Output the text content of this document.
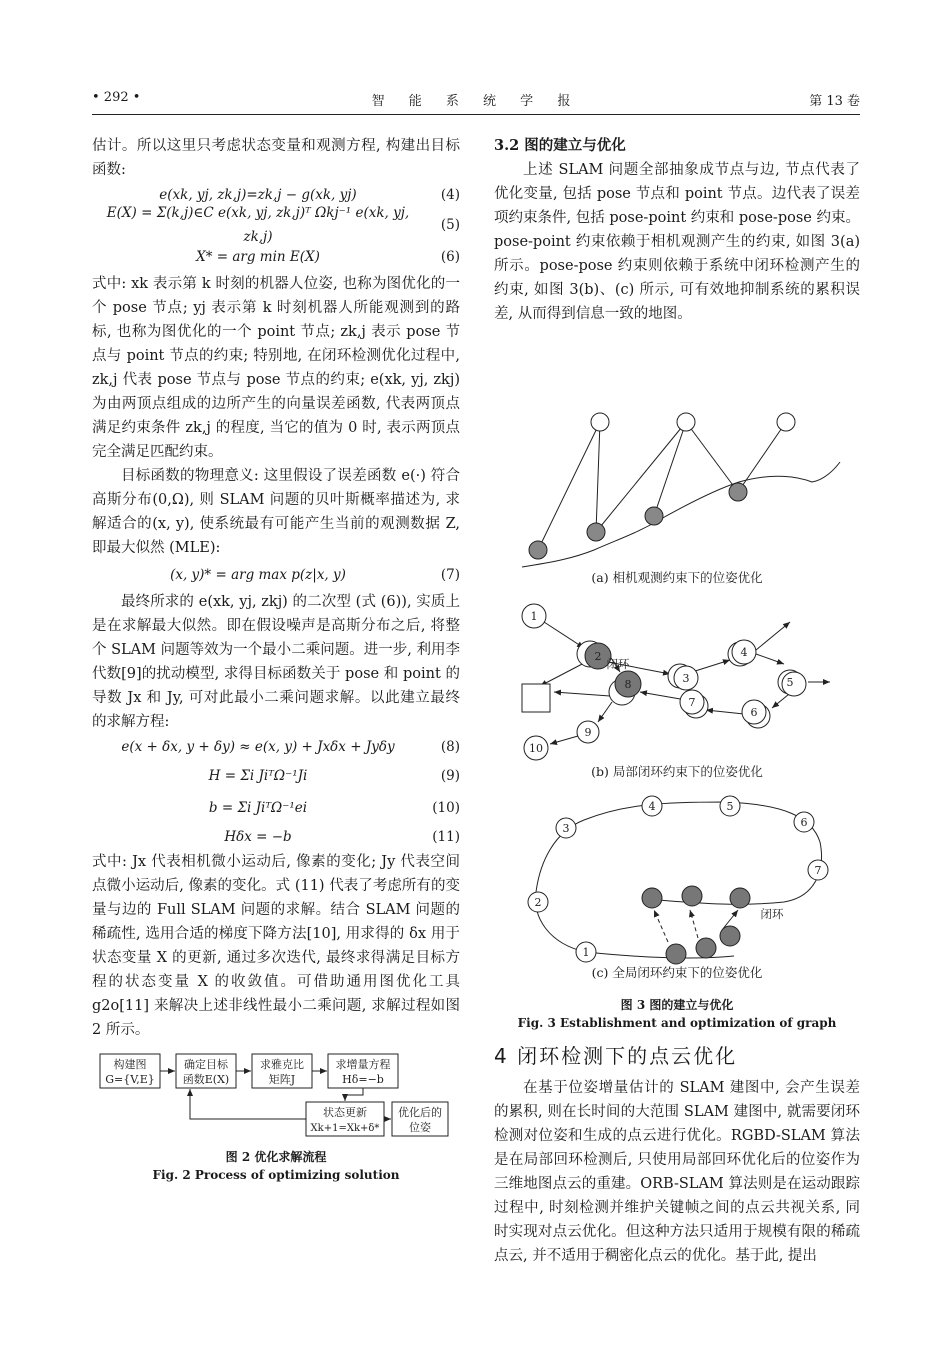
• 292 •	智 能 系 统 学 报	第 13 卷

估计。所以这里只考虑状态变量和观测方程, 构建出目标函数:

e(xk, yj, zk,j)=zk,j − g(xk, yj)	(4)
E(X) = Σ(k,j)∈C e(xk, yj, zk,j)ᵀ Ωkj⁻¹ e(xk, yj, zk,j)
(5)
X* = arg min E(X)	(6)

式中: xk 表示第 k 时刻的机器人位姿, 也称为图优化的一个 pose 节点; yj 表示第 k 时刻机器人所能观测到的路标, 也称为图优化的一个 point 节点; zk,j 表示 pose 节点与 point 节点的约束; 特别地, 在闭环检测优化过程中, zk,j 代表 pose 节点与 pose 节点的约束; e(xk, yj, zkj) 为由两顶点组成的边所产生的向量误差函数, 代表两顶点满足约束条件 zk,j 的程度, 当它的值为 0 时, 表示两顶点完全满足匹配约束。

目标函数的物理意义: 这里假设了误差函数 e(·) 符合高斯分布(0,Ω), 则 SLAM 问题的贝叶斯概率描述为, 求解适合的(x, y), 使系统最有可能产生当前的观测数据 Z, 即最大似然 (MLE):

(x, y)* = arg max p(z|x, y)	(7)

最终所求的 e(xk, yj, zkj) 的二次型 (式 (6)), 实质上是在求解最大似然。即在假设噪声是高斯分布之后, 将整个 SLAM 问题等效为一个最小二乘问题。进一步, 利用李代数[9]的扰动模型, 求得目标函数关于 pose 和 point 的导数 Jx 和 Jy, 可对此最小二乘问题求解。以此建立最终的求解方程:

e(x + δx, y + δy) ≈ e(x, y) + Jxδx + Jyδy	(8)
H = Σi JiᵀΩ⁻¹Ji	(9)
b = Σi JiᵀΩ⁻¹ei	(10)
Hδx = −b	(11)

式中: Jx 代表相机微小运动后, 像素的变化; Jy 代表空间点微小运动后, 像素的变化。式 (11) 代表了考虑所有的变量与边的 Full SLAM 问题的求解。结合 SLAM 问题的稀疏性, 选用合适的梯度下降方法[10], 用求得的 δx 用于状态变量 X 的更新, 通过多次迭代, 最终求得满足目标方程的状态变量 X 的收敛值。可借助通用图优化工具 g2o[11] 来解决上述非线性最小二乘问题, 求解过程如图 2 所示。

构建图
G={V,E}
确定目标
函数E(X)
求雅克比
矩阵J
求增量方程
Hδ=−b
状态更新
Xk+1=Xk+δ*
优化后的
位姿
图 2 优化求解流程
Fig. 2 Process of optimizing solution

3.2 图的建立与优化

上述 SLAM 问题全部抽象成节点与边, 节点代表了优化变量, 包括 pose 节点和 point 节点。边代表了误差项约束条件, 包括 pose-point 约束和 pose-pose 约束。pose-point 约束依赖于相机观测产生的约束, 如图 3(a) 所示。pose-pose 约束则依赖于系统中闭环检测产生的约束, 如图 3(b)、(c) 所示, 可有效地抑制系统的累积误差, 从而得到信息一致的地图。

(a) 相机观测约束下的位姿优化
1
2
3
4
5
6
7
8
9
10
闭环
(b) 局部闭环约束下的位姿优化
1
2
3
4	5
6
7
闭环
(c) 全局闭环约束下的位姿优化
图 3 图的建立与优化
Fig. 3 Establishment and optimization of graph
4 闭环检测下的点云优化

在基于位姿增量估计的 SLAM 建图中, 会产生误差的累积, 则在长时间的大范围 SLAM 建图中, 就需要闭环检测对位姿和生成的点云进行优化。RGBD-SLAM 算法是在局部回环检测后, 只使用局部回环优化后的位姿作为三维地图点云的重建。ORB-SLAM 算法则是在运动跟踪过程中, 时刻检测并维护关键帧之间的点云共视关系, 同时实现对点云优化。但这种方法只适用于规模有限的稀疏点云, 并不适用于稠密化点云的优化。基于此, 提出
